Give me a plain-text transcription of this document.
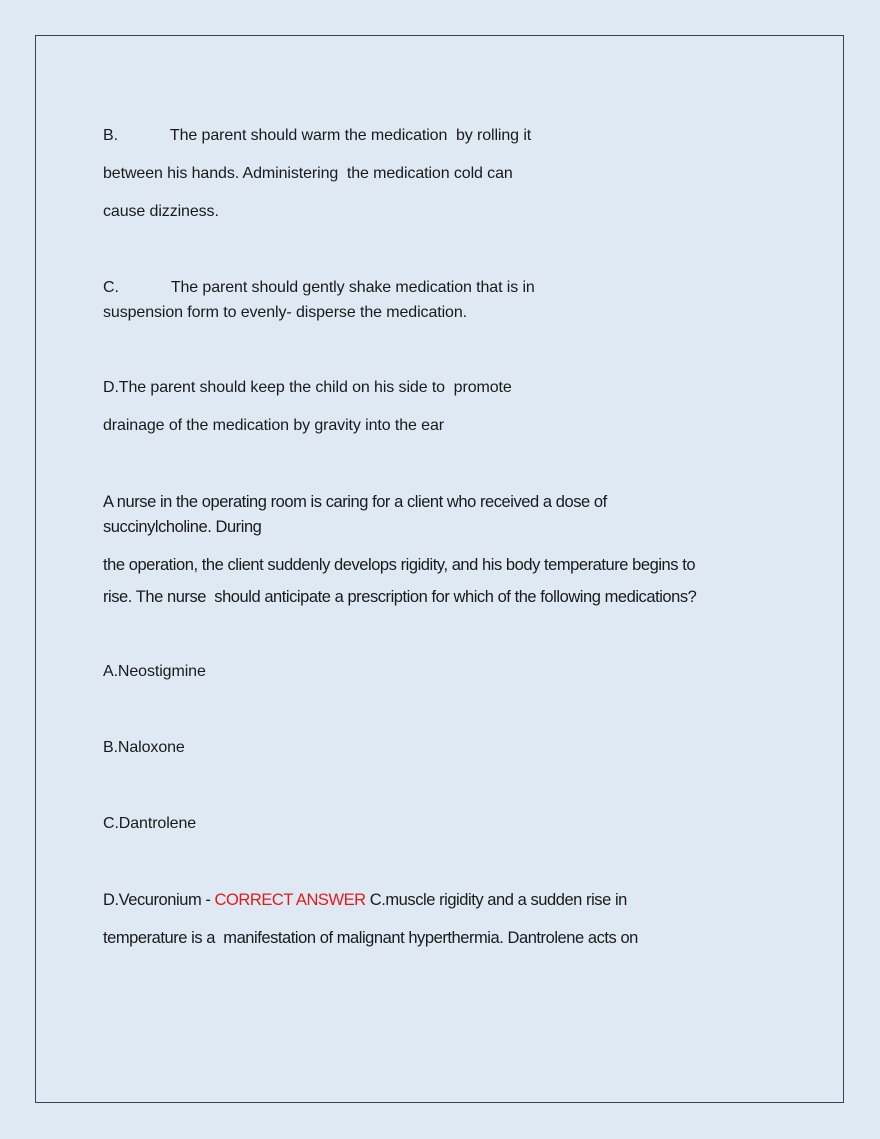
B.	The parent should warm the medication  by rolling it
between his hands. Administering  the medication cold can
cause dizziness.
C.	The parent should gently shake medication that is in
suspension form to evenly- disperse the medication.
D.The parent should keep the child on his side to  promote
drainage of the medication by gravity into the ear
A nurse in the operating room is caring for a client who received a dose of
succinylcholine. During
the operation, the client suddenly develops rigidity, and his body temperature begins to
rise. The nurse  should anticipate a prescription for which of the following medications?
A.Neostigmine
B.Naloxone
C.Dantrolene
D.Vecuronium - CORRECT ANSWER C.muscle rigidity and a sudden rise in
temperature is a  manifestation of malignant hyperthermia. Dantrolene acts on
